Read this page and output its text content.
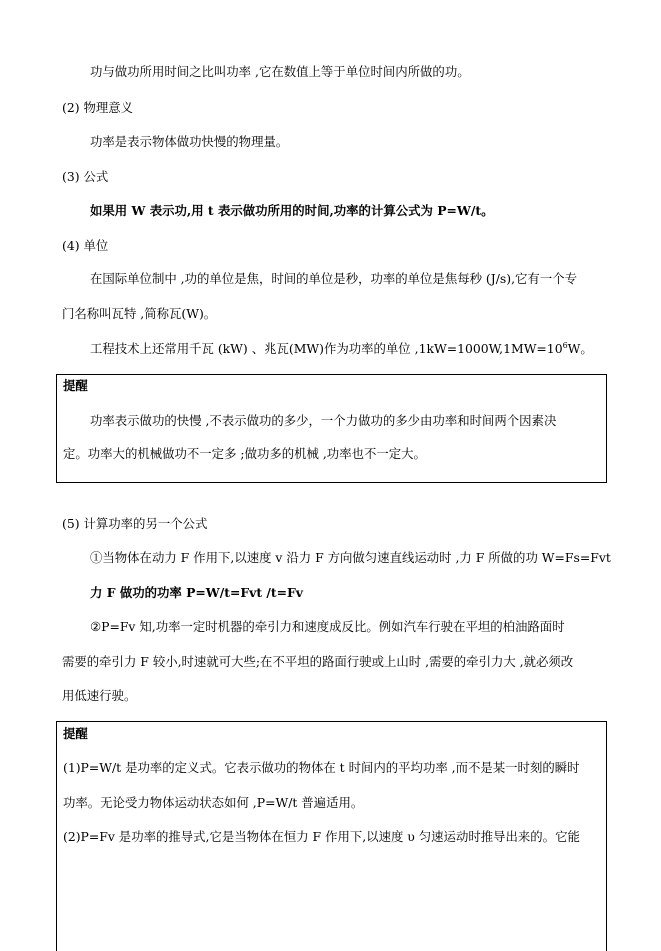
功与做功所用时间之比叫功率 ,它在数值上等于单位时间内所做的功。
(2) 物理意义
功率是表示物体做功快慢的物理量。
(3) 公式
如果用 W 表示功,用 t 表示做功所用的时间,功率的计算公式为 P=W/t。
(4) 单位
在国际单位制中 ,功的单位是焦，时间的单位是秒，功率的单位是焦每秒 (J/s),它有一个专
门名称叫瓦特 ,简称瓦(W)。
工程技术上还常用千瓦 (kW) 、兆瓦(MW)作为功率的单位 $,1kW=1000W,1MW=10^6W$。
提醒
功率表示做功的快慢 ,不表示做功的多少，一个力做功的多少由功率和时间两个因素决
定。功率大的机械做功不一定多 ;做功多的机械 ,功率也不一定大。
(5) 计算功率的另一个公式
①当物体在动力 F 作用下,以速度 v 沿力 F 方向做匀速直线运动时 ,力 F 所做的功 W=Fs=Fvt
力 F 做功的功率 P=W/t=Fvt /t=Fv
②P=Fv 知,功率一定时机器的牵引力和速度成反比。例如汽车行驶在平坦的柏油路面时
需要的牵引力 F 较小,时速就可大些;在不平坦的路面行驶或上山时 ,需要的牵引力大 ,就必须改
用低速行驶。
提醒
(1)P=W/t 是功率的定义式。它表示做功的物体在 t 时间内的平均功率 ,而不是某一时刻的瞬时
功率。无论受力物体运动状态如何 ,P=W/t 普遍适用。
(2)P=Fv 是功率的推导式,它是当物体在恒力 F 作用下,以速度 υ 匀速运动时推导出来的。它能
